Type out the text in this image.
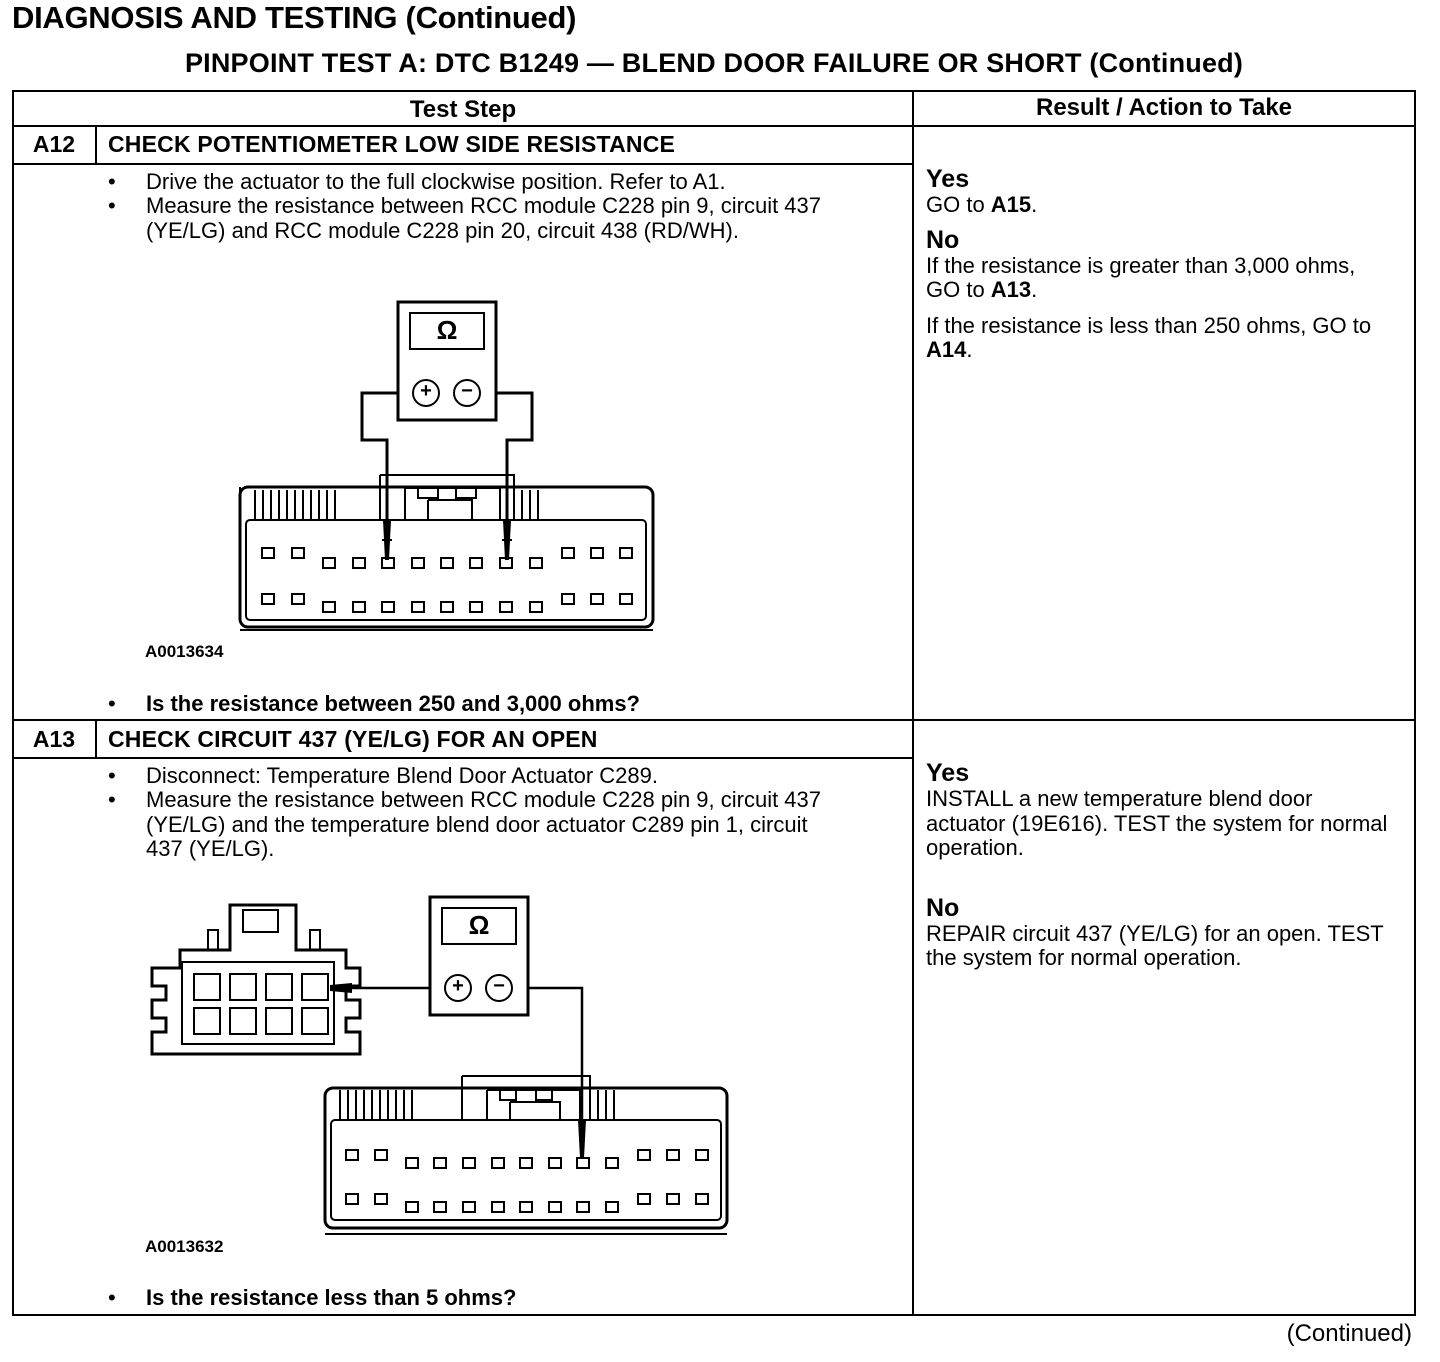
DIAGNOSIS AND TESTING (Continued)
PINPOINT TEST A: DTC B1249 — BLEND DOOR FAILURE OR SHORT (Continued)
Test Step	Result / Action to Take
A12	CHECK POTENTIOMETER LOW SIDE RESISTANCE
• Drive the actuator to the full clockwise position. Refer to A1.
• Measure the resistance between RCC module C228 pin 9, circuit 437 (YE/LG) and RCC module C228 pin 20, circuit 438 (RD/WH).
Ω
+	−
A0013634
• Is the resistance between 250 and 3,000 ohms?
Yes
GO to A15.
No
If the resistance is greater than 3,000 ohms, GO to A13.
If the resistance is less than 250 ohms, GO to A14.
A13	CHECK CIRCUIT 437 (YE/LG) FOR AN OPEN
• Disconnect: Temperature Blend Door Actuator C289.
• Measure the resistance between RCC module C228 pin 9, circuit 437 (YE/LG) and the temperature blend door actuator C289 pin 1, circuit 437 (YE/LG).
Ω
+	−
A0013632
• Is the resistance less than 5 ohms?
Yes
INSTALL a new temperature blend door actuator (19E616). TEST the system for normal operation.
No
REPAIR circuit 437 (YE/LG) for an open. TEST the system for normal operation.
(Continued)
